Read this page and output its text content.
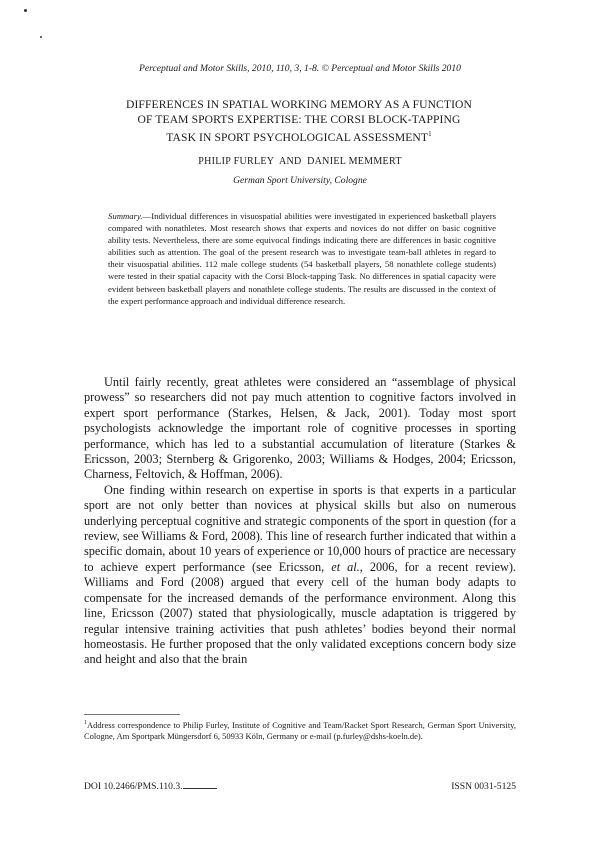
Perceptual and Motor Skills, 2010, 110, 3, 1-8. © Perceptual and Motor Skills 2010
DIFFERENCES IN SPATIAL WORKING MEMORY AS A FUNCTION
OF TEAM SPORTS EXPERTISE: THE CORSI BLOCK-TAPPING
TASK IN SPORT PSYCHOLOGICAL ASSESSMENT$^1$
PHILIP FURLEY  AND  DANIEL MEMMERT
German Sport University, Cologne
Summary.—Individual differences in visuospatial abilities were investigated in experienced basketball players compared with nonathletes. Most research shows that experts and novices do not differ on basic cognitive ability tests. Nevertheless, there are some equivocal findings indicating there are differences in basic cognitive abilities such as attention. The goal of the present research was to investigate team-ball athletes in regard to their visuospatial abilities. 112 male college students (54 basketball players, 58 nonathlete college students) were tested in their spatial capacity with the Corsi Block-tapping Task. No differences in spatial capacity were evident between basketball players and nonathlete college students. The results are discussed in the context of the expert performance approach and individual difference research.

Until fairly recently, great athletes were considered an “assemblage of physical prowess” so researchers did not pay much attention to cognitive factors involved in expert sport performance (Starkes, Helsen, & Jack, 2001). Today most sport psychologists acknowledge the important role of cognitive processes in sporting performance, which has led to a substantial accumulation of literature (Starkes & Ericsson, 2003; Sternberg & Grigorenko, 2003; Williams & Hodges, 2004; Ericsson, Charness, Feltovich, & Hoffman, 2006).

One finding within research on expertise in sports is that experts in a particular sport are not only better than novices at physical skills but also on numerous underlying perceptual cognitive and strategic components of the sport in question (for a review, see Williams & Ford, 2008). This line of research further indicated that within a specific domain, about 10 years of experience or 10,000 hours of practice are necessary to achieve expert performance (see Ericsson, et al., 2006, for a recent review). Williams and Ford (2008) argued that every cell of the human body adapts to compensate for the increased demands of the performance environment. Along this line, Ericsson (2007) stated that physiologically, muscle adaptation is triggered by regular intensive training activities that push athletes’ bodies beyond their normal homeostasis. He further proposed that the only validated exceptions concern body size and height and also that the brain

$^1$Address correspondence to Philip Furley, Institute of Cognitive and Team/Racket Sport Research, German Sport University, Cologne, Am Sportpark Müngersdorf 6, 50933 Köln, Germany or e-mail (p.furley@dshs-koeln.de).
DOI 10.2466/PMS.110.3.	ISSN 0031-5125
